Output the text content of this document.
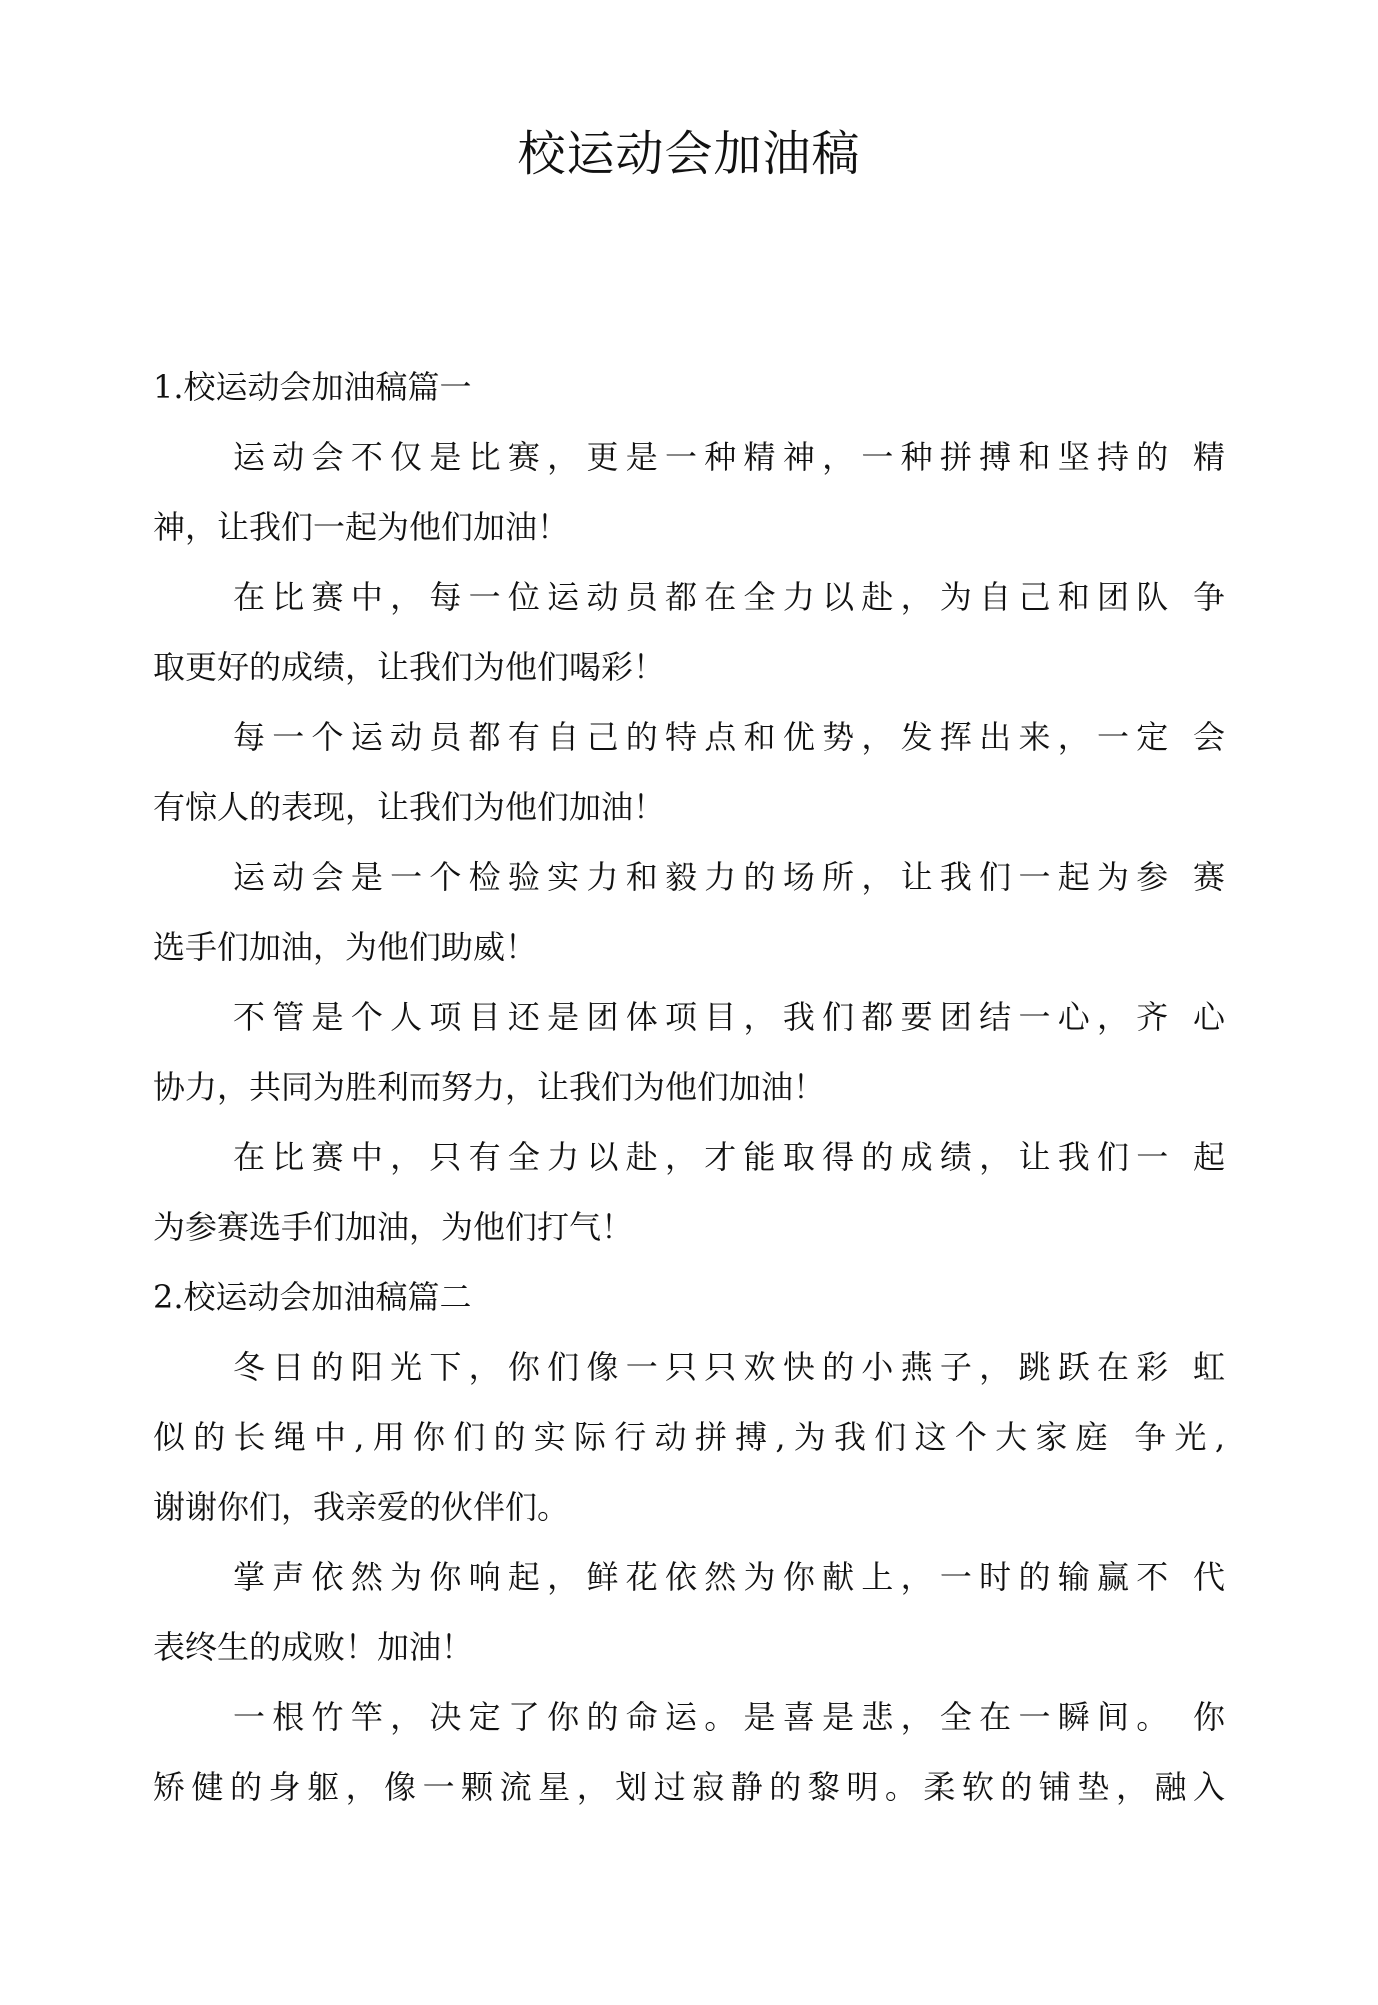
校运动会加油稿
1.校运动会加油稿篇一

运动会不仅是比赛，更是一种精神，一种拼搏和坚持的 精
神，让我们一起为他们加油！

在比赛中，每一位运动员都在全力以赴，为自己和团队 争
取更好的成绩，让我们为他们喝彩！

每一个运动员都有自己的特点和优势，发挥出来，一定 会
有惊人的表现，让我们为他们加油！

运动会是一个检验实力和毅力的场所，让我们一起为参 赛
选手们加油，为他们助威！

不管是个人项目还是团体项目，我们都要团结一心，齐 心
协力，共同为胜利而努力，让我们为他们加油！

在比赛中，只有全力以赴，才能取得的成绩，让我们一 起
为参赛选手们加油，为他们打气！

2.校运动会加油稿篇二

冬日的阳光下，你们像一只只欢快的小燕子，跳跃在彩 虹
似的长绳中,用你们的实际行动拼搏,为我们这个大家庭 争光,
谢谢你们，我亲爱的伙伴们。

掌声依然为你响起，鲜花依然为你献上，一时的输赢不 代
表终生的成败！加油！

一根竹竿，决定了你的命运。是喜是悲，全在一瞬间。 你
矫健的身躯，像一颗流星，划过寂静的黎明。柔软的铺垫，融入
